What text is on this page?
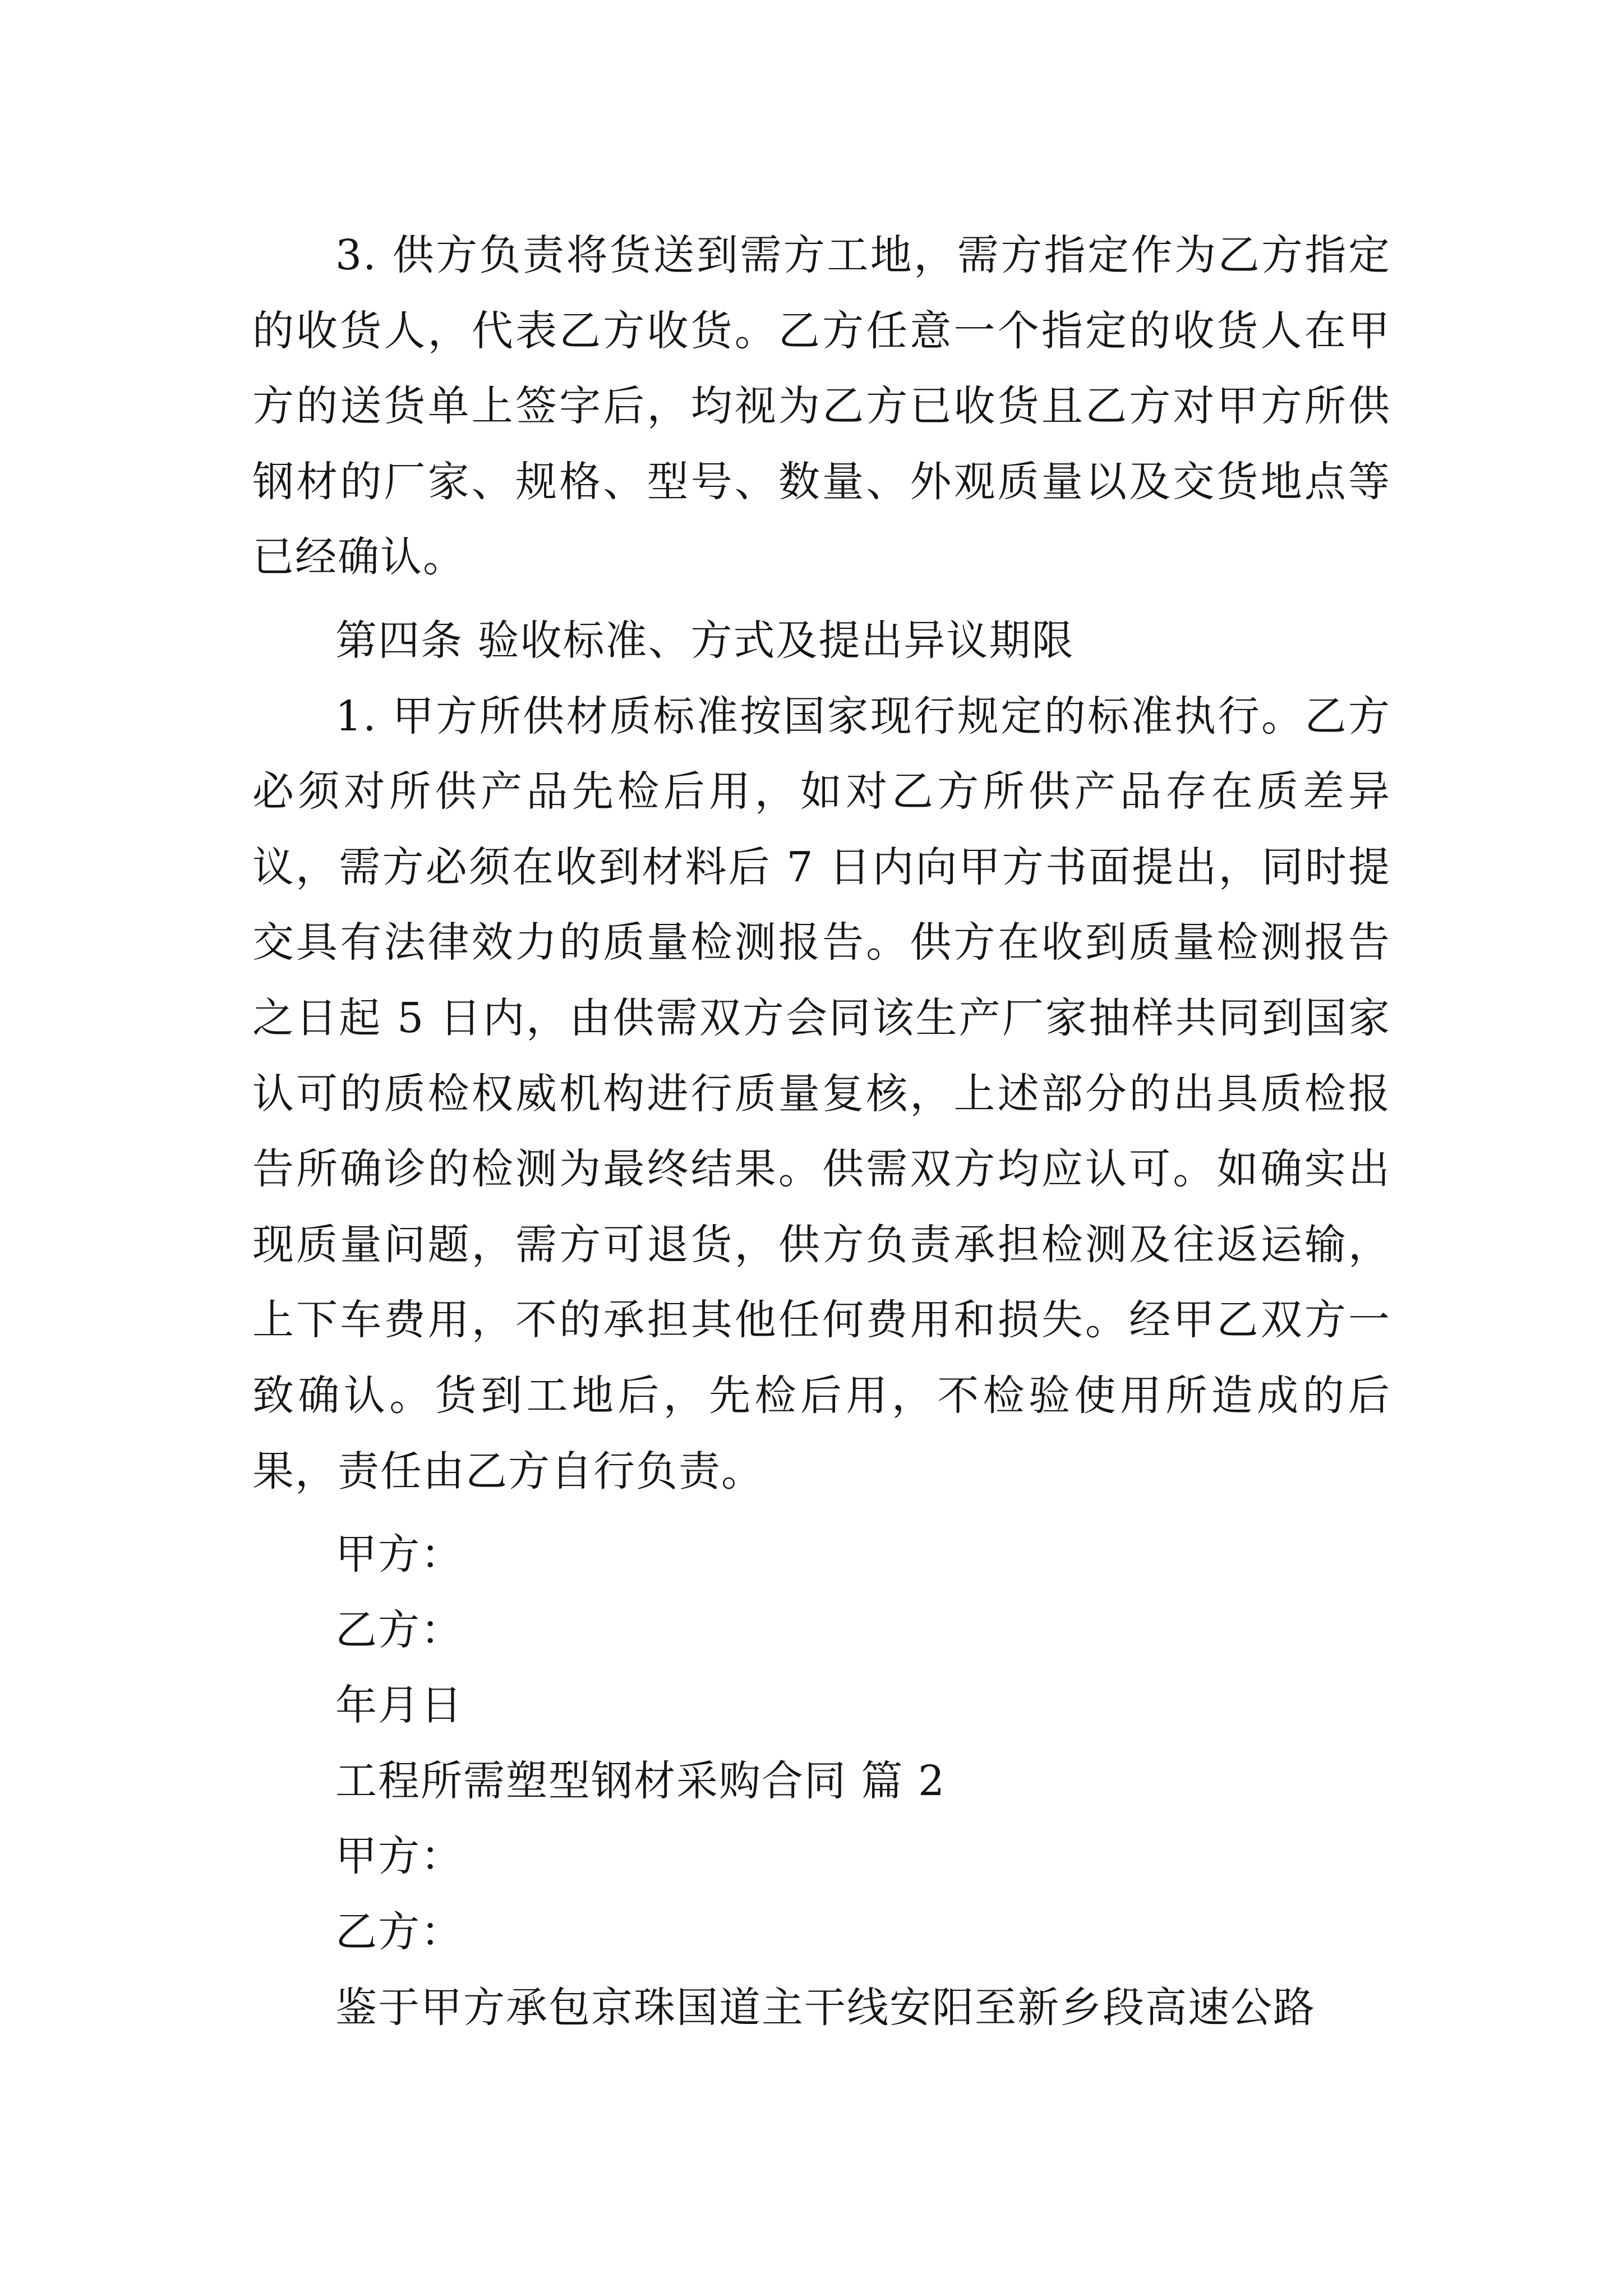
3. 供方负责将货送到需方工地，需方指定作为乙方指定的收货人，代表乙方收货。乙方任意一个指定的收货人在甲方的送货单上签字后，均视为乙方已收货且乙方对甲方所供钢材的厂家、规格、型号、数量、外观质量以及交货地点等已经确认。

第四条 验收标准、方式及提出异议期限

1. 甲方所供材质标准按国家现行规定的标准执行。乙方必须对所供产品先检后用，如对乙方所供产品存在质差异议，需方必须在收到材料后 7 日内向甲方书面提出，同时提交具有法律效力的质量检测报告。供方在收到质量检测报告之日起 5 日内，由供需双方会同该生产厂家抽样共同到国家认可的质检权威机构进行质量复核，上述部分的出具质检报告所确诊的检测为最终结果。供需双方均应认可。如确实出现质量问题，需方可退货，供方负责承担检测及往返运输，上下车费用，不的承担其他任何费用和损失。经甲乙双方一致确认。货到工地后，先检后用，不检验使用所造成的后果，责任由乙方自行负责。

甲方：

乙方：

年月日

工程所需塑型钢材采购合同 篇 2

甲方：

乙方：

鉴于甲方承包京珠国道主干线安阳至新乡段高速公路
